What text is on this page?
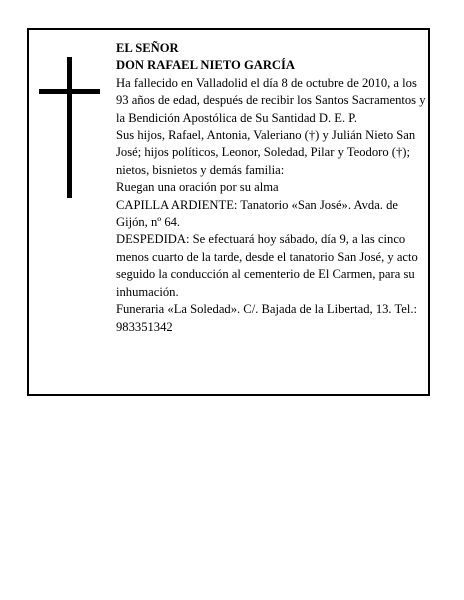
EL SEÑOR

DON RAFAEL NIETO GARCÍA

Ha fallecido en Valladolid el día 8 de octubre de 2010, a los 93 años de edad, después de recibir los Santos Sacramentos y la Bendición Apostólica de Su Santidad D. E. P.

Sus hijos, Rafael, Antonia, Valeriano (†) y Julián Nieto San José; hijos políticos, Leonor, Soledad, Pilar y Teodoro (†); nietos, bisnietos y demás familia:

Ruegan una oración por su alma

CAPILLA ARDIENTE: Tanatorio «San José». Avda. de Gijón, nº 64.

DESPEDIDA: Se efectuará hoy sábado, día 9, a las cinco menos cuarto de la tarde, desde el tanatorio San José, y acto seguido la conducción al cementerio de El Carmen, para su inhumación.

Funeraria «La Soledad». C/. Bajada de la Libertad, 13. Tel.: 983351342
